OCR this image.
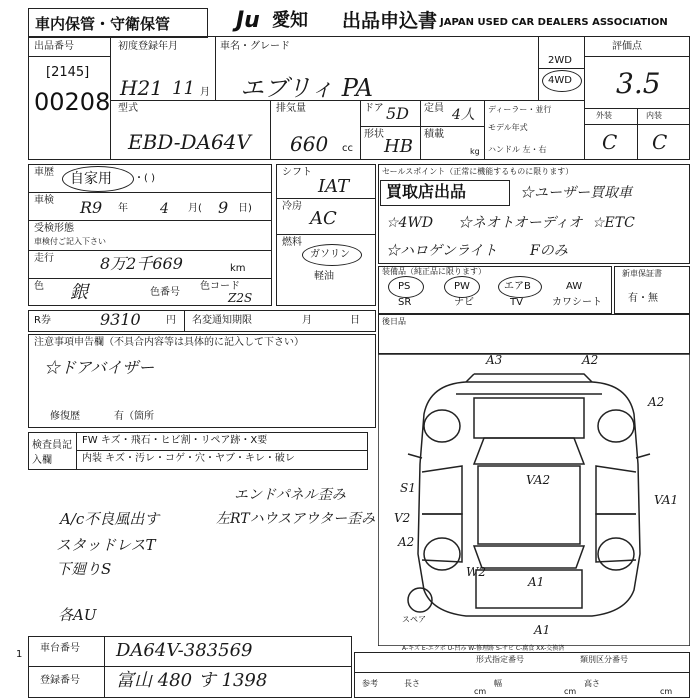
車内保管・守衛保管	Ju 愛知 出品申込書 JAPAN USED CAR DEALERS ASSOCIATION
出品番号
[2145]
00208
初度登録年月
H21 11 月
車名・グレード
エブリィ PA
2WD
4WD
評価点
3.5
外装	内装
C C
型式
EBD-DA64V
排気量
660 cc
ドア 5D 定員 4人
形状
HB
積載
kg
ディーラー・並行
モデル年式
ハンドル 左・右
車歴 自家用 ・( )
車検 R9 年 4 月( 9 日)
受検形態
車検付ご記入下さい
走行	8万2千669	km
色 銀	色番号
色コード
Z2S
シフト
IAT
冷房
AC
燃料
ガソリン
軽油
セールスポイント（正常に機能するものに限ります）
買取店出品	☆ユーザー買取車
☆4WD ☆ネオトオーディオ ☆ETC
☆ハロゲンライト Fのみ
装備品（純正品に限ります）
PS	PW	エアB	AW
SR	ナビ	TV	カワシート
新車保証書
有・無
R券	9310	円 名変通知期限	月	日	後日品
注意事項申告欄（不具合内容等は具体的に記入して下さい）
☆ドアバイザー
修復歴	有（箇所
検査員記入欄
FW キズ・飛石・ヒビ割・リペア跡・X要
内装 キズ・汚レ・コゲ・穴・ヤブ・キレ・破レ
A/c不良風出す
スタッドレスT
下廻りS
エンドパネル歪み
左RTハウスアウター歪み
各AU
A3	A2
A2
S1
VA2
VA1
V2
A2
W2
A1
A1
スペア
A-キズ E-エクボ U-凹み W-修理跡 S-サビ C-腐食 XX-交換済
1
車台番号 DA64V-383569
登録番号 富山 480 す 1398
形式指定番号	類別区分番号
参考	長さ
cm
幅
cm
高さ
cm
